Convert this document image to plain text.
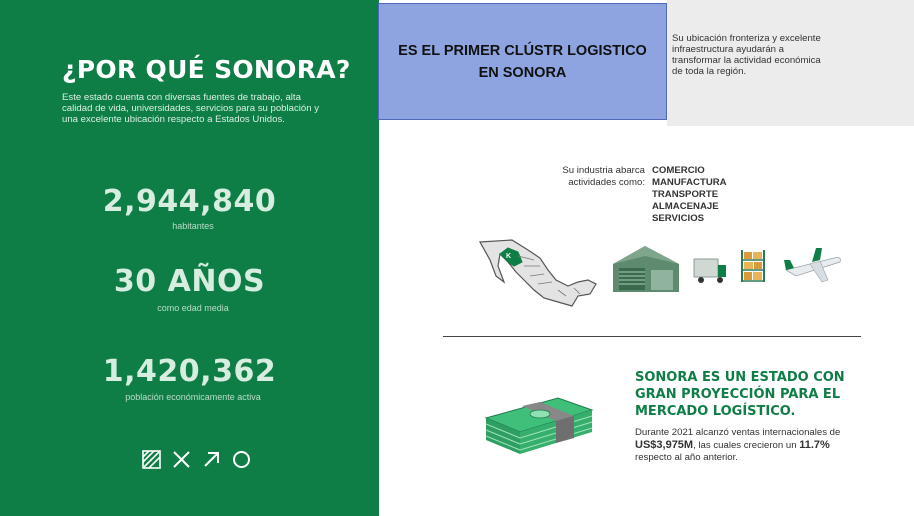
¿POR QUÉ SONORA?
Este estado cuenta con diversas fuentes de trabajo, alta calidad de vida, universidades, servicios para su población y una excelente ubicación respecto a Estados Unidos.
2,944,840
habitantes
30 AÑOS
como edad media
1,420,362
población económicamente activa

Su ubicación fronteriza y excelente infraestructura ayudarán a transformar la actividad económica de toda la región.

ES EL PRIMER CLÚSTR LOGISTICO EN SONORA
Su industria abarca actividades como:
COMERCIO
MANUFACTURA
TRANSPORTE
ALMACENAJE
SERVICIOS
K
SONORA ES UN ESTADO CON GRAN PROYECCIÓN PARA EL MERCADO LOGÍSTICO.
Durante 2021 alcanzó ventas internacionales de US$3,975M, las cuales crecieron un 11.7% respecto al año anterior.
